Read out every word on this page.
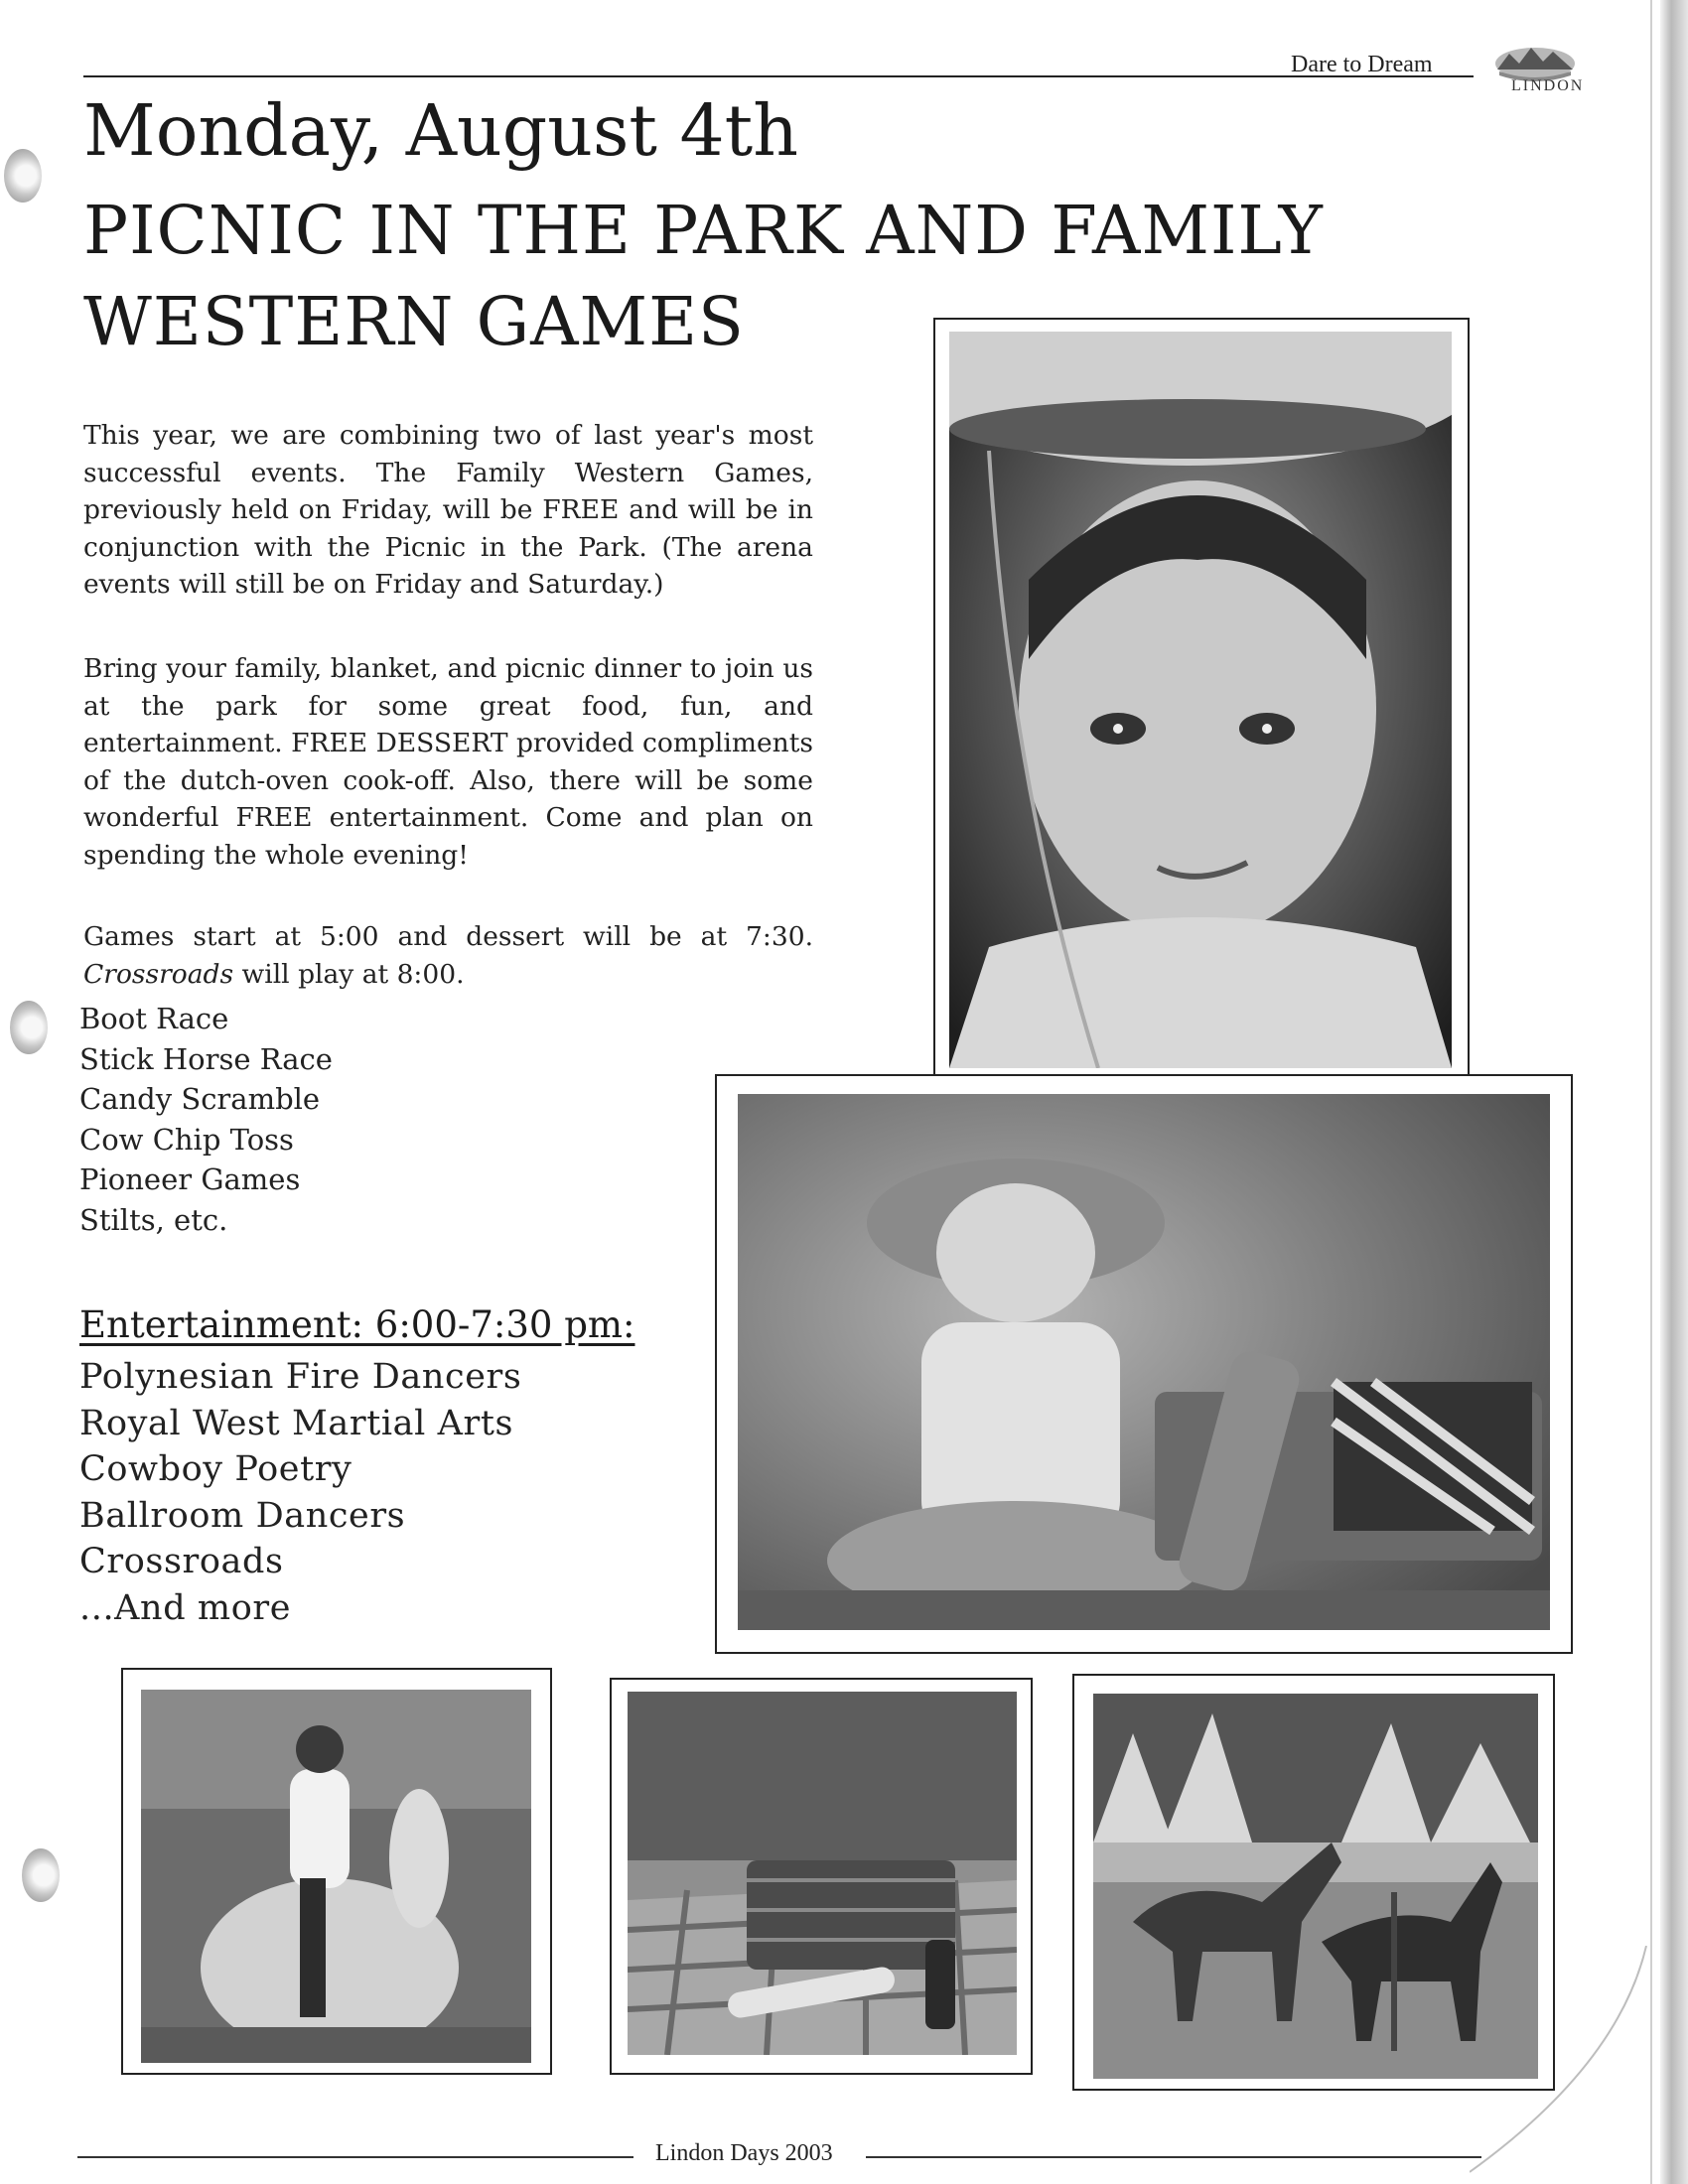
Dare to Dream
LINDON
Monday, August 4th
PICNIC IN THE PARK AND FAMILY WESTERN GAMES
This year, we are combining two of last year's most successful events. The Family Western Games, previously held on Friday, will be FREE and will be in conjunction with the Picnic in the Park. (The arena events will still be on Friday and Saturday.)
Bring your family, blanket, and picnic dinner to join us at the park for some great food, fun, and entertainment. FREE DESSERT provided compliments of the dutch-oven cook-off. Also, there will be some wonderful FREE entertainment. Come and plan on spending the whole evening!
Games start at 5:00 and dessert will be at 7:30. Crossroads will play at 8:00.
Boot Race
Stick Horse Race
Candy Scramble
Cow Chip Toss
Pioneer Games
Stilts, etc.
Entertainment: 6:00-7:30 pm:
Polynesian Fire Dancers
Royal West Martial Arts
Cowboy Poetry
Ballroom Dancers
Crossroads
...And more
Lindon Days 2003
